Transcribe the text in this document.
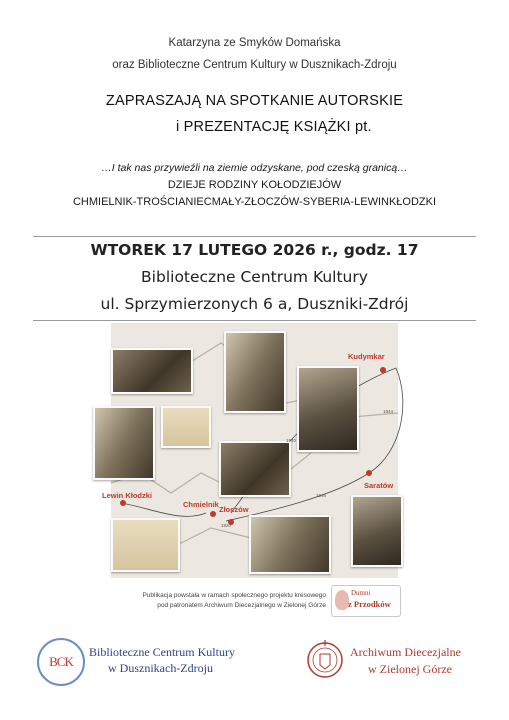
Katarzyna ze Smyków Domańska
oraz Biblioteczne Centrum Kultury w Dusznikach-Zdroju
ZAPRASZAJĄ NA SPOTKANIE AUTORSKIE
i PREZENTACJĘ KSIĄŻKI pt.
…I tak nas przywieźli na ziemie odzyskane, pod czeską granicą…
DZIEJE RODZINY KOŁODZIEJÓW
CHMIELNIK-TROŚCIANIECMAŁY-ZŁOCZÓW-SYBERIA-LEWINKŁODZKI
WTOREK 17 LUTEGO 2026 r., godz. 17
Biblioteczne Centrum Kultury
ul. Sprzymierzonych 6 a, Duszniki-Zdrój
Kudymkar
Saratów
Lewin Kłodzki
Chmielnik
Złoczów
1940
1944
1946
1920
Publikacja powstała w ramach społecznego projektu kresowego
pod patronatem Archiwum Diecezjalnego w Zielonej Górze
Dumni
z Przodków
BCK
Biblioteczne Centrum Kultury
w Dusznikach-Zdroju
Archiwum Diecezjalne
w Zielonej Górze
